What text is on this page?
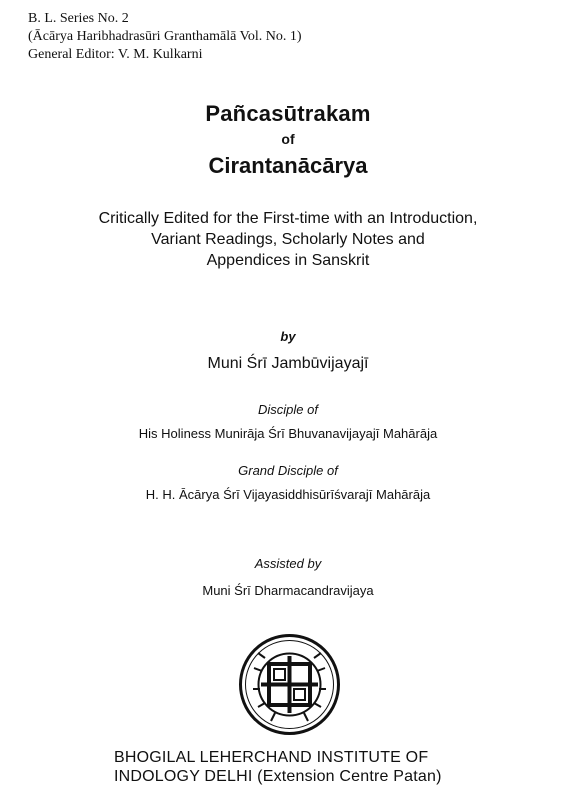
B. L. Series No. 2
(Ācārya Haribhadrasūri Granthamālā Vol. No. 1)
General Editor: V. M. Kulkarni
Pañcasūtrakam
of
Cirantanācārya
Critically Edited for the First-time with an Introduction,
Variant Readings, Scholarly Notes and
Appendices in Sanskrit
by
Muni Śrī Jambūvijayajī
Disciple of
His Holiness Munirāja Śrī Bhuvanavijayajī Mahārāja
Grand Disciple of
H. H. Ācārya Śrī Vijayasiddhisūrīśvarajī Mahārāja
Assisted by
Muni Śrī Dharmacandravijaya
BHOGILAL LEHERCHAND INSTITUTE OF
INDOLOGY DELHI (Extension Centre Patan)
